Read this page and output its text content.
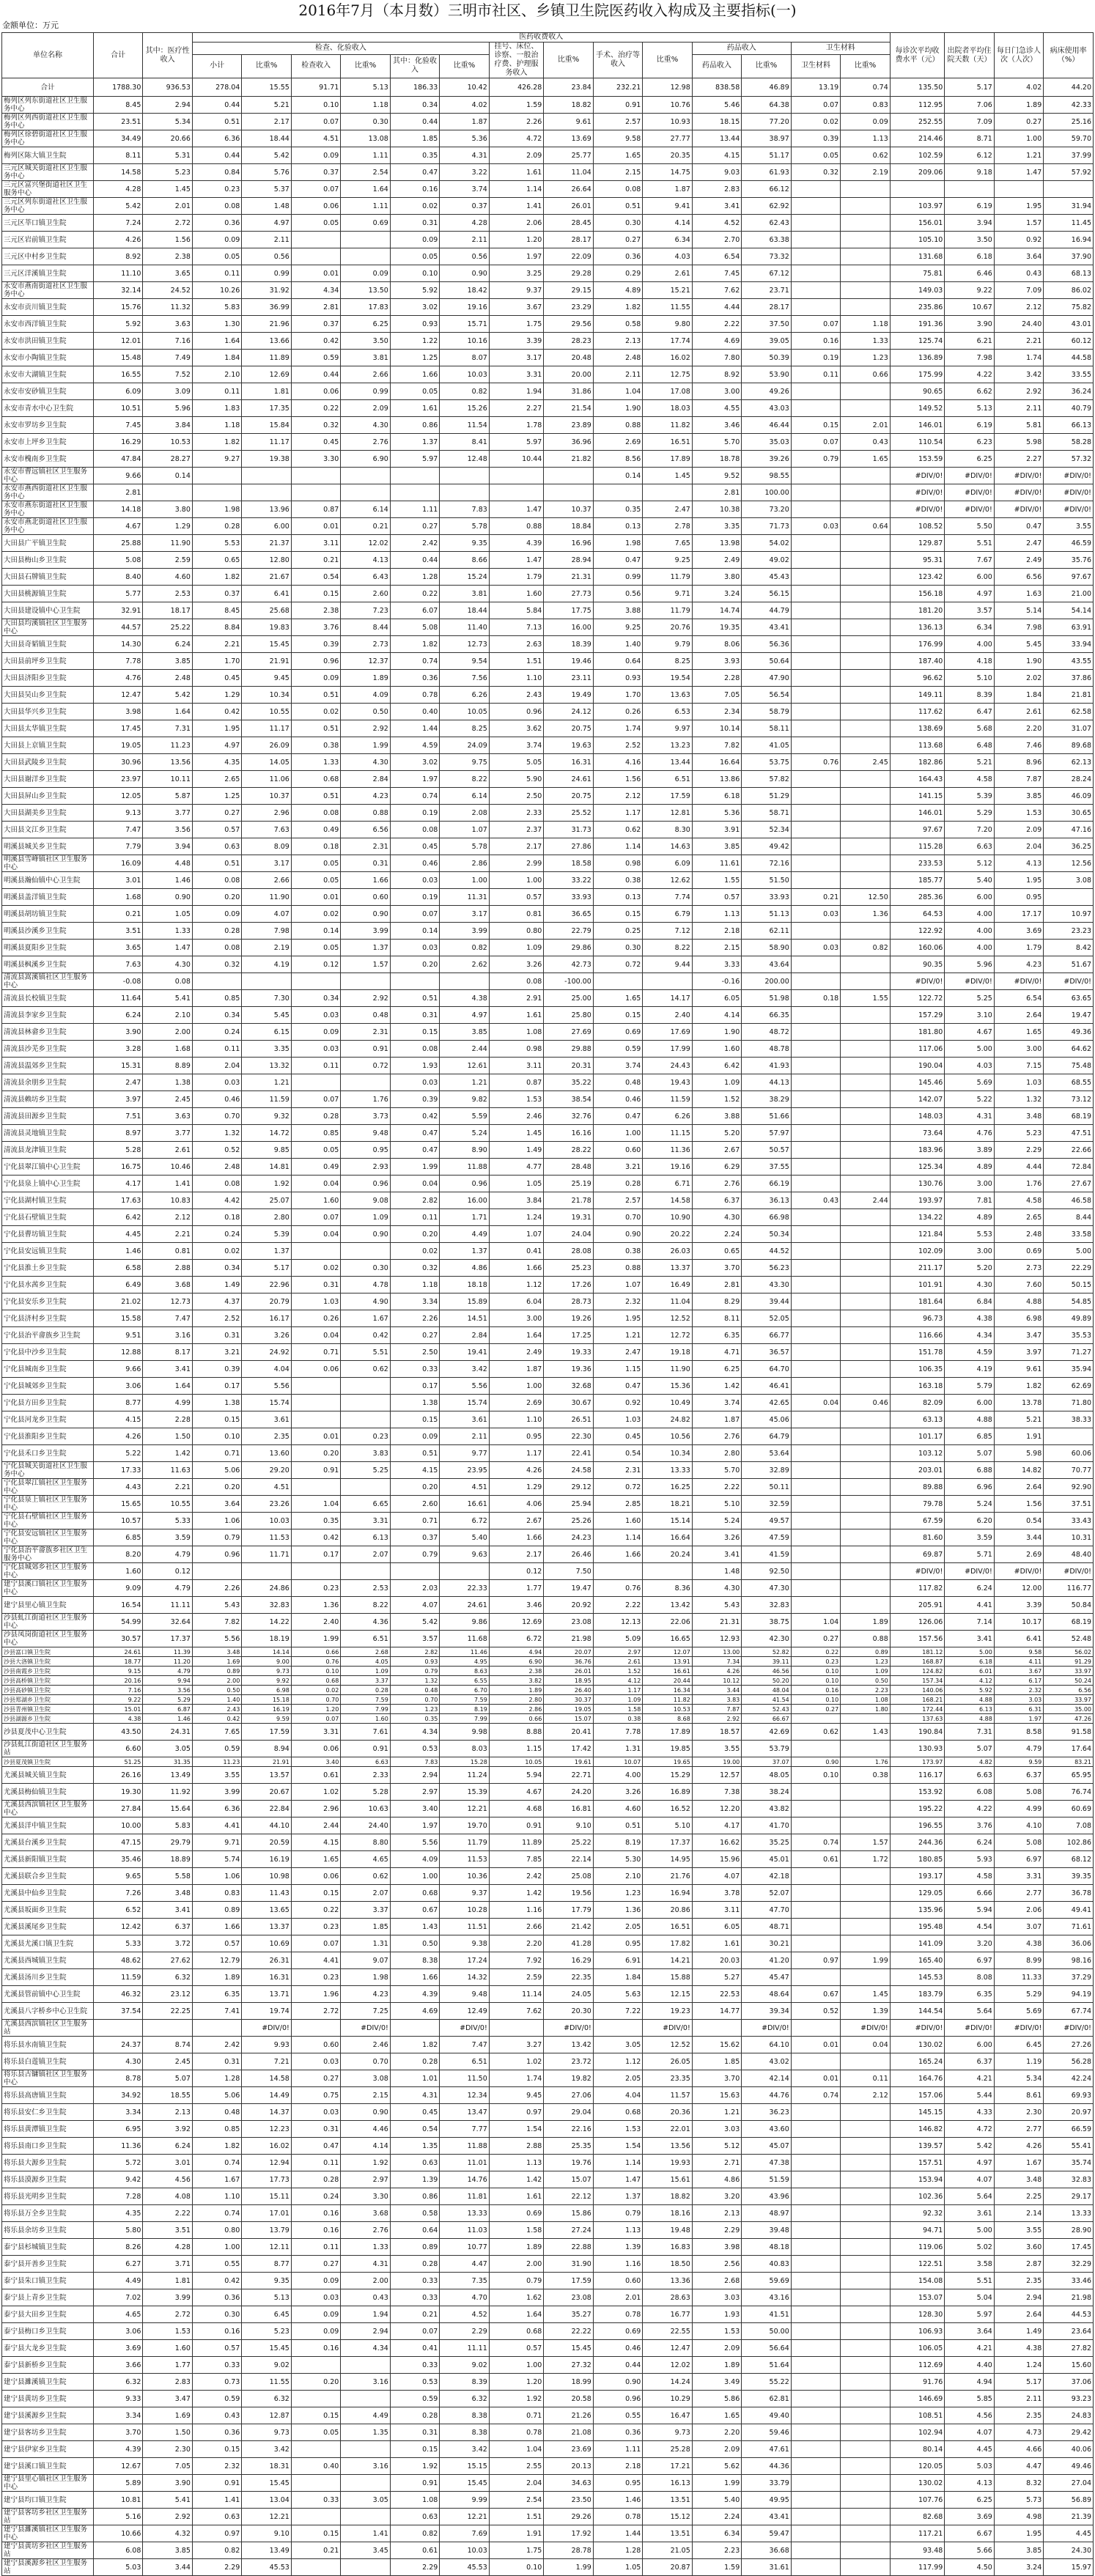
2016年7月（本月数）三明市社区、乡镇卫生院医药收入构成及主要指标(一)
金额单位：万元
单位名称	合计	其中：医疗性收入	医药收费收入														每诊次平均收费水平（元）	出院者平均住院天数（天）	每日门急诊人次（人次）	病床使用率（%）
			检查、化验收入						挂号、床位、诊察、一般治疗费、护理服务收入	比重%	手术、治疗等收入	比重%	药品收入		卫生材料					
			小计	比重%	检查收入	比重%	其中：化验收入	比重%					药品收入	比重%	卫生材料	比重%				
合计	1788.30	936.53	278.04	15.55	91.71	5.13	186.33	10.42	426.28	23.84	232.21	12.98	838.58	46.89	13.19	0.74	135.50	5.17	4.02	44.20
梅列区列东街道社区卫生服务中心	8.45	2.94	0.44	5.21	0.10	1.18	0.34	4.02	1.59	18.82	0.91	10.76	5.46	64.38	0.07	0.83	112.95	7.06	1.89	42.33
梅列区列西街道社区卫生服务中心	23.51	5.34	0.51	2.17	0.07	0.30	0.44	1.87	2.26	9.61	2.57	10.93	18.15	77.20	0.02	0.09	252.55	7.09	0.27	25.16
梅列区徐碧街道社区卫生服务中心	34.49	20.66	6.36	18.44	4.51	13.08	1.85	5.36	4.72	13.69	9.58	27.77	13.44	38.97	0.39	1.13	214.46	8.71	1.00	59.70
梅列区陈大镇卫生院	8.11	5.31	0.44	5.42	0.09	1.11	0.35	4.31	2.09	25.77	1.65	20.35	4.15	51.17	0.05	0.62	102.59	6.12	1.21	37.99
三元区城关街道社区卫生服务中心	14.58	5.23	0.84	5.76	0.37	2.54	0.47	3.22	1.61	11.04	2.15	14.75	9.03	61.93	0.32	2.19	209.06	9.18	1.47	57.92
三元区富兴堡街道社区卫生服务中心	4.28	1.45	0.23	5.37	0.07	1.64	0.16	3.74	1.14	26.64	0.08	1.87	2.83	66.12						
三元区列东街道社区卫生服务中心	5.42	2.01	0.08	1.48	0.06	1.11	0.02	0.37	1.41	26.01	0.51	9.41	3.41	62.92			103.97	6.19	1.95	31.94
三元区莘口镇卫生院	7.24	2.72	0.36	4.97	0.05	0.69	0.31	4.28	2.06	28.45	0.30	4.14	4.52	62.43			156.01	3.94	1.57	11.45
三元区岩前镇卫生院	4.26	1.56	0.09	2.11			0.09	2.11	1.20	28.17	0.27	6.34	2.70	63.38			105.10	3.50	0.92	16.94
三元区中村乡卫生院	8.92	2.38	0.05	0.56			0.05	0.56	1.97	22.09	0.36	4.03	6.54	73.32			131.68	6.18	3.64	37.90
三元区洋溪镇卫生院	11.10	3.65	0.11	0.99	0.01	0.09	0.10	0.90	3.25	29.28	0.29	2.61	7.45	67.12			75.81	6.46	0.43	68.13
永安市燕南街道社区卫生服务中心	32.14	24.52	10.26	31.92	4.34	13.50	5.92	18.42	9.37	29.15	4.89	15.21	7.62	23.71			149.03	9.22	7.09	86.02
永安市贡川镇卫生院	15.76	11.32	5.83	36.99	2.81	17.83	3.02	19.16	3.67	23.29	1.82	11.55	4.44	28.17			235.86	10.67	2.12	75.82
永安市西洋镇卫生院	5.92	3.63	1.30	21.96	0.37	6.25	0.93	15.71	1.75	29.56	0.58	9.80	2.22	37.50	0.07	1.18	191.36	3.90	24.40	43.01
永安市洪田镇卫生院	12.01	7.16	1.64	13.66	0.42	3.50	1.22	10.16	3.39	28.23	2.13	17.74	4.69	39.05	0.16	1.33	125.74	6.21	2.21	60.12
永安市小陶镇卫生院	15.48	7.49	1.84	11.89	0.59	3.81	1.25	8.07	3.17	20.48	2.48	16.02	7.80	50.39	0.19	1.23	136.89	7.98	1.74	44.58
永安市大湖镇卫生院	16.55	7.52	2.10	12.69	0.44	2.66	1.66	10.03	3.31	20.00	2.11	12.75	8.92	53.90	0.11	0.66	175.99	4.22	3.42	33.55
永安市安砂镇卫生院	6.09	3.09	0.11	1.81	0.06	0.99	0.05	0.82	1.94	31.86	1.04	17.08	3.00	49.26			90.65	6.62	2.92	36.24
永安市青水中心卫生院	10.51	5.96	1.83	17.35	0.22	2.09	1.61	15.26	2.27	21.54	1.90	18.03	4.55	43.03			149.52	5.13	2.11	40.79
永安市罗坊乡卫生院	7.45	3.84	1.18	15.84	0.32	4.30	0.86	11.54	1.78	23.89	0.88	11.82	3.46	46.44	0.15	2.01	146.01	6.19	5.81	66.13
永安市上坪乡卫生院	16.29	10.53	1.82	11.17	0.45	2.76	1.37	8.41	5.97	36.96	2.69	16.51	5.70	35.03	0.07	0.43	110.54	6.23	5.98	58.28
永安市槐南乡卫生院	47.84	28.27	9.27	19.38	3.30	6.90	5.97	12.48	10.44	21.82	8.56	17.89	18.78	39.26	0.79	1.65	153.59	6.25	2.27	57.32
永安市曹远镇社区卫生服务中心	9.66	0.14									0.14	1.45	9.52	98.55			#DIV/0!	#DIV/0!	#DIV/0!	#DIV/0!
永安市燕西街道社区卫生服务中心	2.81												2.81	100.00			#DIV/0!	#DIV/0!	#DIV/0!	#DIV/0!
永安市燕东街道社区卫生服务中心	14.18	3.80	1.98	13.96	0.87	6.14	1.11	7.83	1.47	10.37	0.35	2.47	10.38	73.20			#DIV/0!	#DIV/0!	#DIV/0!	#DIV/0!
永安市燕北街道社区卫生服务中心	4.67	1.29	0.28	6.00	0.01	0.21	0.27	5.78	0.88	18.84	0.13	2.78	3.35	71.73	0.03	0.64	108.52	5.50	0.47	3.55
大田县广平镇卫生院	25.88	11.90	5.53	21.37	3.11	12.02	2.42	9.35	4.39	16.96	1.98	7.65	13.98	54.02			129.87	5.51	2.47	46.59
大田县梅山乡卫生院	5.08	2.59	0.65	12.80	0.21	4.13	0.44	8.66	1.47	28.94	0.47	9.25	2.49	49.02			95.31	7.67	2.49	35.76
大田县石牌镇卫生院	8.40	4.60	1.82	21.67	0.54	6.43	1.28	15.24	1.79	21.31	0.99	11.79	3.80	45.43			123.42	6.00	6.56	97.67
大田县桃源镇卫生院	5.77	2.53	0.37	6.41	0.15	2.60	0.22	3.81	1.60	27.73	0.56	9.71	3.24	56.15			156.18	4.97	1.63	21.00
大田县建设镇中心卫生院	32.91	18.17	8.45	25.68	2.38	7.23	6.07	18.44	5.84	17.75	3.88	11.79	14.74	44.79			181.20	3.57	5.14	54.14
大田县均溪镇社区卫生服务中心	44.57	25.22	8.84	19.83	3.76	8.44	5.08	11.40	7.13	16.00	9.25	20.76	19.35	43.41			136.13	6.34	7.98	63.91
大田县奇韬镇卫生院	14.30	6.24	2.21	15.45	0.39	2.73	1.82	12.73	2.63	18.39	1.40	9.79	8.06	56.36			176.99	4.00	5.45	33.94
大田县前坪乡卫生院	7.78	3.85	1.70	21.91	0.96	12.37	0.74	9.54	1.51	19.46	0.64	8.25	3.93	50.64			187.40	4.18	1.90	43.55
大田县济阳乡卫生院	4.76	2.48	0.45	9.45	0.09	1.89	0.36	7.56	1.10	23.11	0.93	19.54	2.28	47.90			96.62	5.10	2.02	37.86
大田县吴山乡卫生院	12.47	5.42	1.29	10.34	0.51	4.09	0.78	6.26	2.43	19.49	1.70	13.63	7.05	56.54			149.11	8.39	1.84	21.81
大田县华兴乡卫生院	3.98	1.64	0.42	10.55	0.02	0.50	0.40	10.05	0.96	24.12	0.26	6.53	2.34	58.79			117.62	6.47	2.61	62.58
大田县太华镇卫生院	17.45	7.31	1.95	11.17	0.51	2.92	1.44	8.25	3.62	20.75	1.74	9.97	10.14	58.11			138.69	5.68	2.20	31.07
大田县上京镇卫生院	19.05	11.23	4.97	26.09	0.38	1.99	4.59	24.09	3.74	19.63	2.52	13.23	7.82	41.05			113.68	6.48	7.46	89.68
大田县武陵乡卫生院	30.96	13.56	4.35	14.05	1.33	4.30	3.02	9.75	5.05	16.31	4.16	13.44	16.64	53.75	0.76	2.45	182.86	5.21	8.96	62.13
大田县谢洋乡卫生院	23.97	10.11	2.65	11.06	0.68	2.84	1.97	8.22	5.90	24.61	1.56	6.51	13.86	57.82			164.43	4.58	7.87	28.24
大田县屏山乡卫生院	12.05	5.87	1.25	10.37	0.51	4.23	0.74	6.14	2.50	20.75	2.12	17.59	6.18	51.29			141.15	5.39	3.85	46.09
大田县湖美乡卫生院	9.13	3.77	0.27	2.96	0.08	0.88	0.19	2.08	2.33	25.52	1.17	12.81	5.36	58.71			146.01	5.29	1.53	30.65
大田县文江乡卫生院	7.47	3.56	0.57	7.63	0.49	6.56	0.08	1.07	2.37	31.73	0.62	8.30	3.91	52.34			97.67	7.20	2.09	47.16
明溪县城关乡卫生院	7.79	3.94	0.63	8.09	0.18	2.31	0.45	5.78	2.17	27.86	1.14	14.63	3.85	49.42			115.28	6.63	2.04	36.25
明溪县雪峰镇社区卫生服务中心	16.09	4.48	0.51	3.17	0.05	0.31	0.46	2.86	2.99	18.58	0.98	6.09	11.61	72.16			233.53	5.12	4.13	12.56
明溪县瀚仙镇中心卫生院	3.01	1.46	0.08	2.66	0.05	1.66	0.03	1.00	1.00	33.22	0.38	12.62	1.55	51.50			185.77	5.40	1.95	3.08
明溪县盖洋镇卫生院	1.68	0.90	0.20	11.90	0.01	0.60	0.19	11.31	0.57	33.93	0.13	7.74	0.57	33.93	0.21	12.50	285.36	6.00	0.95	
明溪县胡坊镇卫生院	0.21	1.05	0.09	4.07	0.02	0.90	0.07	3.17	0.81	36.65	0.15	6.79	1.13	51.13	0.03	1.36	64.53	4.00	17.17	10.97
明溪县沙溪乡卫生院	3.51	1.33	0.28	7.98	0.14	3.99	0.14	3.99	0.80	22.79	0.25	7.12	2.18	62.11			122.92	4.00	3.69	23.23
明溪县夏阳乡卫生院	3.65	1.47	0.08	2.19	0.05	1.37	0.03	0.82	1.09	29.86	0.30	8.22	2.15	58.90	0.03	0.82	160.06	4.00	1.79	8.42
明溪县枫溪乡卫生院	7.63	4.30	0.32	4.19	0.12	1.57	0.20	2.62	3.26	42.73	0.72	9.44	3.33	43.64			90.35	5.96	4.23	51.67
清流县嵩溪镇社区卫生服务中心	-0.08	0.08							0.08	-100.00			-0.16	200.00			#DIV/0!	#DIV/0!	#DIV/0!	#DIV/0!
清流县长校镇卫生院	11.64	5.41	0.85	7.30	0.34	2.92	0.51	4.38	2.91	25.00	1.65	14.17	6.05	51.98	0.18	1.55	122.72	5.25	6.54	63.65
清流县李家乡卫生院	6.24	2.10	0.34	5.45	0.03	0.48	0.31	4.97	1.61	25.80	0.15	2.40	4.14	66.35			157.29	3.10	2.64	19.47
清流县林畲乡卫生院	3.90	2.00	0.24	6.15	0.09	2.31	0.15	3.85	1.08	27.69	0.69	17.69	1.90	48.72			181.80	4.67	1.65	49.36
清流县沙芜乡卫生院	3.28	1.68	0.11	3.35	0.03	0.91	0.08	2.44	0.98	29.88	0.59	17.99	1.60	48.78			117.06	5.00	3.00	64.62
清流县温郊乡卫生院	15.31	8.89	2.04	13.32	0.11	0.72	1.93	12.61	3.11	20.31	3.74	24.43	6.42	41.93			190.04	4.03	7.15	75.48
清流县余朋乡卫生院	2.47	1.38	0.03	1.21			0.03	1.21	0.87	35.22	0.48	19.43	1.09	44.13			145.46	5.69	1.03	68.55
清流县赖坊乡卫生院	3.97	2.45	0.46	11.59	0.07	1.76	0.39	9.82	1.53	38.54	0.46	11.59	1.52	38.29			142.07	5.22	1.32	73.12
清流县田源乡卫生院	7.51	3.63	0.70	9.32	0.28	3.73	0.42	5.59	2.46	32.76	0.47	6.26	3.88	51.66			148.03	4.31	3.48	68.19
清流县灵地镇卫生院	8.97	3.77	1.32	14.72	0.85	9.48	0.47	5.24	1.45	16.16	1.00	11.15	5.20	57.97			73.64	4.76	5.23	47.51
清流县龙津镇卫生院	5.28	2.61	0.52	9.85	0.05	0.95	0.47	8.90	1.49	28.22	0.60	11.36	2.67	50.57			183.96	3.89	2.29	22.66
宁化县翠江镇中心卫生院	16.75	10.46	2.48	14.81	0.49	2.93	1.99	11.88	4.77	28.48	3.21	19.16	6.29	37.55			125.34	4.89	4.44	72.84
宁化县泉上镇中心卫生院	4.17	1.41	0.08	1.92	0.04	0.96	0.04	0.96	1.05	25.19	0.28	6.71	2.76	66.19			130.76	3.00	1.76	27.67
宁化县湖村镇卫生院	17.63	10.83	4.42	25.07	1.60	9.08	2.82	16.00	3.84	21.78	2.57	14.58	6.37	36.13	0.43	2.44	193.97	7.81	4.58	46.58
宁化县石壁镇卫生院	6.42	2.12	0.18	2.80	0.07	1.09	0.11	1.71	1.24	19.31	0.70	10.90	4.30	66.98			134.22	4.89	2.65	8.44
宁化县曹坊镇卫生院	4.45	2.21	0.24	5.39	0.04	0.90	0.20	4.49	1.07	24.04	0.90	20.22	2.24	50.34			121.84	5.53	2.48	33.58
宁化县安远镇卫生院	1.46	0.81	0.02	1.37			0.02	1.37	0.41	28.08	0.38	26.03	0.65	44.52			102.09	3.00	0.69	5.00
宁化县淮土乡卫生院	6.58	2.88	0.34	5.17	0.02	0.30	0.32	4.86	1.66	25.23	0.88	13.37	3.70	56.23			211.17	5.20	2.73	22.29
宁化县水茜乡卫生院	6.49	3.68	1.49	22.96	0.31	4.78	1.18	18.18	1.12	17.26	1.07	16.49	2.81	43.30			101.91	4.30	7.60	50.15
宁化县安乐乡卫生院	21.02	12.73	4.37	20.79	1.03	4.90	3.34	15.89	6.04	28.73	2.32	11.04	8.29	39.44			181.64	6.84	4.88	54.85
宁化县济村乡卫生院	15.58	7.47	2.52	16.17	0.26	1.67	2.26	14.51	3.00	19.26	1.95	12.52	8.11	52.05			96.73	4.38	6.98	49.89
宁化县治平畲族乡卫生院	9.51	3.16	0.31	3.26	0.04	0.42	0.27	2.84	1.64	17.25	1.21	12.72	6.35	66.77			116.66	4.34	3.47	35.53
宁化县中沙乡卫生院	12.88	8.17	3.21	24.92	0.71	5.51	2.50	19.41	2.49	19.33	2.47	19.18	4.71	36.57			151.78	4.59	3.97	71.27
宁化县城南乡卫生院	9.66	3.41	0.39	4.04	0.06	0.62	0.33	3.42	1.87	19.36	1.15	11.90	6.25	64.70			106.35	4.19	9.61	35.94
宁化县城郊乡卫生院	3.06	1.64	0.17	5.56			0.17	5.56	1.00	32.68	0.47	15.36	1.42	46.41			163.18	5.79	1.82	62.69
宁化县方田乡卫生院	8.77	4.99	1.38	15.74			1.38	15.74	2.69	30.67	0.92	10.49	3.74	42.65	0.04	0.46	82.09	6.00	13.78	71.80
宁化县河龙乡卫生院	4.15	2.28	0.15	3.61			0.15	3.61	1.10	26.51	1.03	24.82	1.87	45.06			63.13	4.88	5.21	38.33
宁化县淮阳乡卫生院	4.26	1.50	0.10	2.35	0.01	0.23	0.09	2.11	0.95	22.30	0.45	10.56	2.76	64.79			101.17	6.85	1.91	
宁化县禾口乡卫生院	5.22	1.42	0.71	13.60	0.20	3.83	0.51	9.77	1.17	22.41	0.54	10.34	2.80	53.64			103.12	5.07	5.98	60.06
宁化县城关街道社区卫生服务中心	17.33	11.63	5.06	29.20	0.91	5.25	4.15	23.95	4.26	24.58	2.31	13.33	5.70	32.89			203.01	6.88	14.82	70.77
宁化县翠江镇社区卫生服务中心	4.43	2.21	0.20	4.51			0.20	4.51	1.29	29.12	0.72	16.25	2.22	50.11			89.88	6.96	2.64	92.90
宁化县泉上镇社区卫生服务中心	15.65	10.55	3.64	23.26	1.04	6.65	2.60	16.61	4.06	25.94	2.85	18.21	5.10	32.59			79.78	5.24	1.56	37.51
宁化县石壁镇社区卫生服务中心	10.57	5.33	1.06	10.03	0.35	3.31	0.71	6.72	2.67	25.26	1.60	15.14	5.24	49.57			67.59	6.20	0.54	33.43
宁化县安远镇社区卫生服务中心	6.85	3.59	0.79	11.53	0.42	6.13	0.37	5.40	1.66	24.23	1.14	16.64	3.26	47.59			81.60	3.59	3.44	10.31
宁化县治平畲族乡社区卫生服务中心	8.20	4.79	0.96	11.71	0.17	2.07	0.79	9.63	2.17	26.46	1.66	20.24	3.41	41.59			69.87	5.71	2.69	48.40
宁化县城郊乡社区卫生服务中心	1.60	0.12							0.12	7.50			1.48	92.50			#DIV/0!	#DIV/0!	#DIV/0!	#DIV/0!
建宁县溪口镇社区卫生服务中心	9.09	4.79	2.26	24.86	0.23	2.53	2.03	22.33	1.77	19.47	0.76	8.36	4.30	47.30			117.82	6.24	12.00	116.77
建宁县里心镇卫生院	16.54	11.11	5.43	32.83	1.36	8.22	4.07	24.61	3.46	20.92	2.22	13.42	5.43	32.83			205.91	4.41	3.39	50.84
沙县虬江街道社区卫生服务中心	54.99	32.64	7.82	14.22	2.40	4.36	5.42	9.86	12.69	23.08	12.13	22.06	21.31	38.75	1.04	1.89	126.06	7.14	10.17	68.19
沙县凤岗街道社区卫生服务中心	30.57	17.37	5.56	18.19	1.99	6.51	3.57	11.68	6.72	21.98	5.09	16.65	12.93	42.30	0.27	0.88	157.56	3.41	6.41	52.48
沙县富口镇卫生院	24.61	11.39	3.48	14.14	0.66	2.68	2.82	11.46	4.94	20.07	2.97	12.07	13.00	52.82	0.22	0.89	181.12	5.00	9.58	56.02
沙县大洛镇卫生院	18.77	11.20	1.69	9.00	0.76	4.05	0.93	4.95	6.90	36.76	2.61	13.91	7.34	39.11	0.23	1.23	168.87	6.18	4.11	91.29
沙县南霞乡卫生院	9.15	4.79	0.89	9.73	0.10	1.09	0.79	8.63	2.38	26.01	1.52	16.61	4.26	46.56	0.10	1.09	124.82	6.01	3.67	33.97
沙县高桥镇卫生院	20.16	9.94	2.00	9.92	0.68	3.37	1.32	6.55	3.82	18.95	4.12	20.44	10.12	50.20	0.10	0.50	157.34	4.12	6.17	50.24
沙县高砂镇卫生院	7.16	3.56	0.50	6.98	0.02	0.28	0.48	6.70	1.89	26.40	1.17	16.34	3.44	48.04	0.16	2.23	140.06	5.92	2.32	6.56
沙县郑湖乡卫生院	9.22	5.29	1.40	15.18	0.70	7.59	0.70	7.59	2.80	30.37	1.09	11.82	3.83	41.54	0.10	1.08	168.21	4.88	3.03	33.97
沙县青州镇卫生院	15.01	6.87	2.43	16.19	1.20	7.99	1.23	8.19	2.86	19.05	1.58	10.53	7.87	52.43	0.27	1.80	172.44	6.13	6.31	35.00
沙县湖源乡卫生院	4.38	1.46	0.42	9.59	0.07	1.60	0.35	7.99	0.66	15.07	0.38	8.68	2.92	66.67			137.63	4.88	1.97	47.26
沙县夏茂中心卫生院	43.50	24.31	7.65	17.59	3.31	7.61	4.34	9.98	8.88	20.41	7.78	17.89	18.57	42.69	0.62	1.43	190.84	7.31	8.58	91.58
沙县虬江街道社区卫生服务站	6.60	3.05	0.59	8.94	0.06	0.91	0.53	8.03	1.15	17.42	1.31	19.85	3.55	53.79			130.93	5.07	4.79	17.64
沙县夏茂镇卫生院	51.25	31.35	11.23	21.91	3.40	6.63	7.83	15.28	10.05	19.61	10.07	19.65	19.00	37.07	0.90	1.76	173.97	4.82	9.59	83.21
尤溪县城关镇卫生院	26.16	13.49	3.55	13.57	0.61	2.33	2.94	11.24	5.94	22.71	4.00	15.29	12.57	48.05	0.10	0.38	116.17	6.63	6.37	65.95
尤溪县梅仙镇卫生院	19.30	11.92	3.99	20.67	1.02	5.28	2.97	15.39	4.67	24.20	3.26	16.89	7.38	38.24			153.92	6.08	5.08	76.74
尤溪县西滨镇社区卫生服务中心	27.84	15.64	6.36	22.84	2.96	10.63	3.40	12.21	4.68	16.81	4.60	16.52	12.20	43.82			195.22	4.22	4.99	60.69
尤溪县洋中镇卫生院	10.00	5.83	4.41	44.10	2.44	24.40	1.97	19.70	0.91	9.10	0.51	5.10	4.17	41.70			196.55	3.76	4.10	7.08
尤溪县台溪乡卫生院	47.15	29.79	9.71	20.59	4.15	8.80	5.56	11.79	11.89	25.22	8.19	17.37	16.62	35.25	0.74	1.57	244.36	6.24	5.08	102.86
尤溪县新阳镇卫生院	35.46	18.89	5.74	16.19	1.65	4.65	4.09	11.53	7.85	22.14	5.30	14.95	15.96	45.01	0.61	1.72	180.85	5.93	6.97	68.12
尤溪县联合乡卫生院	9.65	5.58	1.06	10.98	0.06	0.62	1.00	10.36	2.42	25.08	2.10	21.76	4.07	42.18			193.17	4.58	3.31	39.35
尤溪县中仙乡卫生院	7.26	3.48	0.83	11.43	0.15	2.07	0.68	9.37	1.42	19.56	1.23	16.94	3.78	52.07			129.05	6.66	2.77	36.78
尤溪县坂面乡卫生院	6.52	3.41	0.89	13.65	0.22	3.37	0.67	10.28	1.16	17.79	1.36	20.86	3.11	47.70			135.96	5.94	2.06	49.41
尤溪县溪尾乡卫生院	12.42	6.37	1.66	13.37	0.23	1.85	1.43	11.51	2.66	21.42	2.05	16.51	6.05	48.71			195.48	4.54	3.07	71.61
尤溪县尤溪口镇卫生院	5.33	3.72	0.57	10.69	0.07	1.31	0.50	9.38	2.20	41.28	0.95	17.82	1.61	30.21			141.09	3.20	4.38	36.06
尤溪县西城镇卫生院	48.62	27.62	12.79	26.31	4.41	9.07	8.38	17.24	7.92	16.29	6.91	14.21	20.03	41.20	0.97	1.99	165.40	6.97	8.99	98.16
尤溪县汤川乡卫生院	11.59	6.32	1.89	16.31	0.23	1.98	1.66	14.32	2.59	22.35	1.84	15.88	5.27	45.47			145.53	8.08	11.33	37.29
尤溪县管前镇中心卫生院	46.32	23.12	6.35	13.71	1.96	4.23	4.39	9.48	11.14	24.05	5.63	12.15	22.53	48.64	0.67	1.45	183.79	6.35	5.29	94.19
尤溪县八字桥乡中心卫生院	37.54	22.25	7.41	19.74	2.72	7.25	4.69	12.49	7.62	20.30	7.22	19.23	14.77	39.34	0.52	1.39	144.54	5.64	5.69	67.74
尤溪县西滨镇社区卫生服务站				#DIV/0!		#DIV/0!		#DIV/0!		#DIV/0!		#DIV/0!		#DIV/0!		#DIV/0!	#DIV/0!	#DIV/0!	#DIV/0!	#DIV/0!
将乐县水南镇卫生院	24.37	8.74	2.42	9.93	0.60	2.46	1.82	7.47	3.27	13.42	3.05	12.52	15.62	64.10	0.01	0.04	130.02	6.00	6.45	27.26
将乐县白莲镇卫生院	4.30	2.45	0.31	7.21	0.03	0.70	0.28	6.51	1.02	23.72	1.12	26.05	1.85	43.02			165.24	6.37	1.19	56.28
将乐县古镛镇社区卫生服务中心	8.78	5.07	1.28	14.58	0.27	3.08	1.01	11.50	1.74	19.82	2.05	23.35	3.70	42.14	0.01	0.11	164.76	4.21	5.34	42.24
将乐县高唐镇卫生院	34.92	18.55	5.06	14.49	0.75	2.15	4.31	12.34	9.45	27.06	4.04	11.57	15.63	44.76	0.74	2.12	157.06	5.44	8.61	69.93
将乐县安仁乡卫生院	3.34	2.13	0.48	14.37	0.03	0.90	0.45	13.47	0.97	29.04	0.68	20.36	1.21	36.23			145.15	4.33	2.30	20.97
将乐县黄潭镇卫生院	6.95	3.92	0.85	12.23	0.31	4.46	0.54	7.77	1.54	22.16	1.53	22.01	3.03	43.60			146.82	4.72	2.77	66.59
将乐县南口乡卫生院	11.36	6.24	1.82	16.02	0.47	4.14	1.35	11.88	2.88	25.35	1.54	13.56	5.12	45.07			139.57	5.42	4.26	55.41
将乐县大源乡卫生院	5.72	3.01	0.74	12.94	0.11	1.92	0.63	11.01	1.13	19.76	1.14	19.93	2.71	47.38			157.51	4.97	1.67	35.74
将乐县漠源乡卫生院	9.42	4.56	1.67	17.73	0.28	2.97	1.39	14.76	1.42	15.07	1.47	15.61	4.86	51.59			153.94	4.07	3.48	32.83
将乐县光明乡卫生院	7.28	4.08	1.10	15.11	0.24	3.30	0.86	11.81	1.61	22.12	1.37	18.82	3.20	43.96			102.36	5.64	2.25	29.17
将乐县万全乡卫生院	4.35	2.22	0.74	17.01	0.16	3.68	0.58	13.33	0.69	15.86	0.79	18.16	2.13	48.97			92.32	3.61	2.14	13.33
将乐县余坊乡卫生院	5.80	3.51	0.80	13.79	0.16	2.76	0.64	11.03	1.58	27.24	1.13	19.48	2.29	39.48			94.71	5.00	3.55	28.90
泰宁县杉城镇卫生院	8.26	4.28	1.00	12.11	0.11	1.33	0.89	10.77	1.89	22.88	1.39	16.83	3.98	48.18			119.06	5.02	3.60	17.45
泰宁县开善乡卫生院	6.27	3.71	0.55	8.77	0.27	4.31	0.28	4.47	2.00	31.90	1.16	18.50	2.56	40.83			122.51	3.58	2.87	32.29
泰宁县朱口镇卫生院	4.49	1.81	0.42	9.35	0.09	2.00	0.33	7.35	0.79	17.59	0.60	13.36	2.68	59.69			154.08	5.51	2.35	33.46
泰宁县上青乡卫生院	7.02	3.99	0.36	5.13	0.03	0.43	0.33	4.70	1.62	23.08	2.01	28.63	3.03	43.16			153.07	5.04	2.94	21.98
泰宁县大田乡卫生院	4.65	2.72	0.30	6.45	0.09	1.94	0.21	4.52	1.64	35.27	0.78	16.77	1.93	41.51			128.30	5.97	2.64	44.53
泰宁县梅口乡卫生院	3.06	1.53	0.16	5.23	0.09	2.94	0.07	2.29	0.68	22.22	0.69	22.55	1.53	50.00			106.93	3.64	1.49	23.64
泰宁县大龙乡卫生院	3.69	1.60	0.57	15.45	0.16	4.34	0.41	11.11	0.57	15.45	0.46	12.47	2.09	56.64			106.05	4.21	4.38	27.82
泰宁县新桥乡卫生院	3.66	1.77	0.33	9.02			0.33	9.02	1.00	27.32	0.44	12.02	1.89	51.64			112.69	4.40	1.24	15.60
建宁县濉溪镇卫生院	6.32	2.83	0.73	11.55	0.20	3.16	0.53	8.39	1.20	18.99	0.90	14.24	3.49	55.22			91.76	4.94	5.17	37.06
建宁县黄坊乡卫生院	9.33	3.47	0.59	6.32			0.59	6.32	1.92	20.58	0.96	10.29	5.86	62.81			146.69	5.85	2.11	93.23
建宁县溪源乡卫生院	3.34	1.69	0.43	12.87	0.15	4.49	0.28	8.38	0.71	21.26	0.55	16.47	1.65	49.40			108.51	4.56	2.35	24.83
建宁县客坊乡卫生院	3.70	1.50	0.36	9.73	0.05	1.35	0.31	8.38	0.78	21.08	0.36	9.73	2.20	59.46			102.94	4.07	4.73	29.42
建宁县伊家乡卫生院	4.39	2.30	0.15	3.42			0.15	3.42	1.04	23.69	1.11	25.28	2.09	47.61			80.14	4.45	4.66	40.06
建宁县溪口镇卫生院	12.67	7.05	2.32	18.31	0.40	3.16	1.92	15.15	2.55	20.13	2.18	17.21	5.62	44.36			120.05	5.03	4.47	49.46
建宁县里心镇社区卫生服务中心	5.89	3.90	0.91	15.45			0.91	15.45	2.04	34.63	0.95	16.13	1.99	33.79			130.02	4.13	8.32	27.04
建宁县均口镇卫生院	10.81	5.41	1.41	13.04	0.33	3.05	1.08	9.99	2.54	23.50	1.46	13.51	5.40	49.95			107.76	6.25	5.73	56.89
建宁县客坊乡社区卫生服务站	5.16	2.92	0.63	12.21			0.63	12.21	1.51	29.26	0.78	15.12	2.24	43.41			82.68	3.69	4.98	21.39
建宁县濉溪镇社区卫生服务中心	10.66	4.32	0.97	9.10	0.15	1.41	0.82	7.69	1.91	17.92	1.44	13.51	6.34	59.47			117.21	6.67	1.95	4.45
建宁县黄坊乡社区卫生服务站	6.08	3.85	0.82	13.49	0.21	3.45	0.61	10.03	1.75	28.78	1.28	21.05	2.23	36.68			93.48	5.66	3.85	24.30
建宁县溪源乡社区卫生服务站	5.03	3.44	2.29	45.53			2.29	45.53	0.10	1.99	1.05	20.87	1.59	31.61			117.99	4.50	3.24	15.97
